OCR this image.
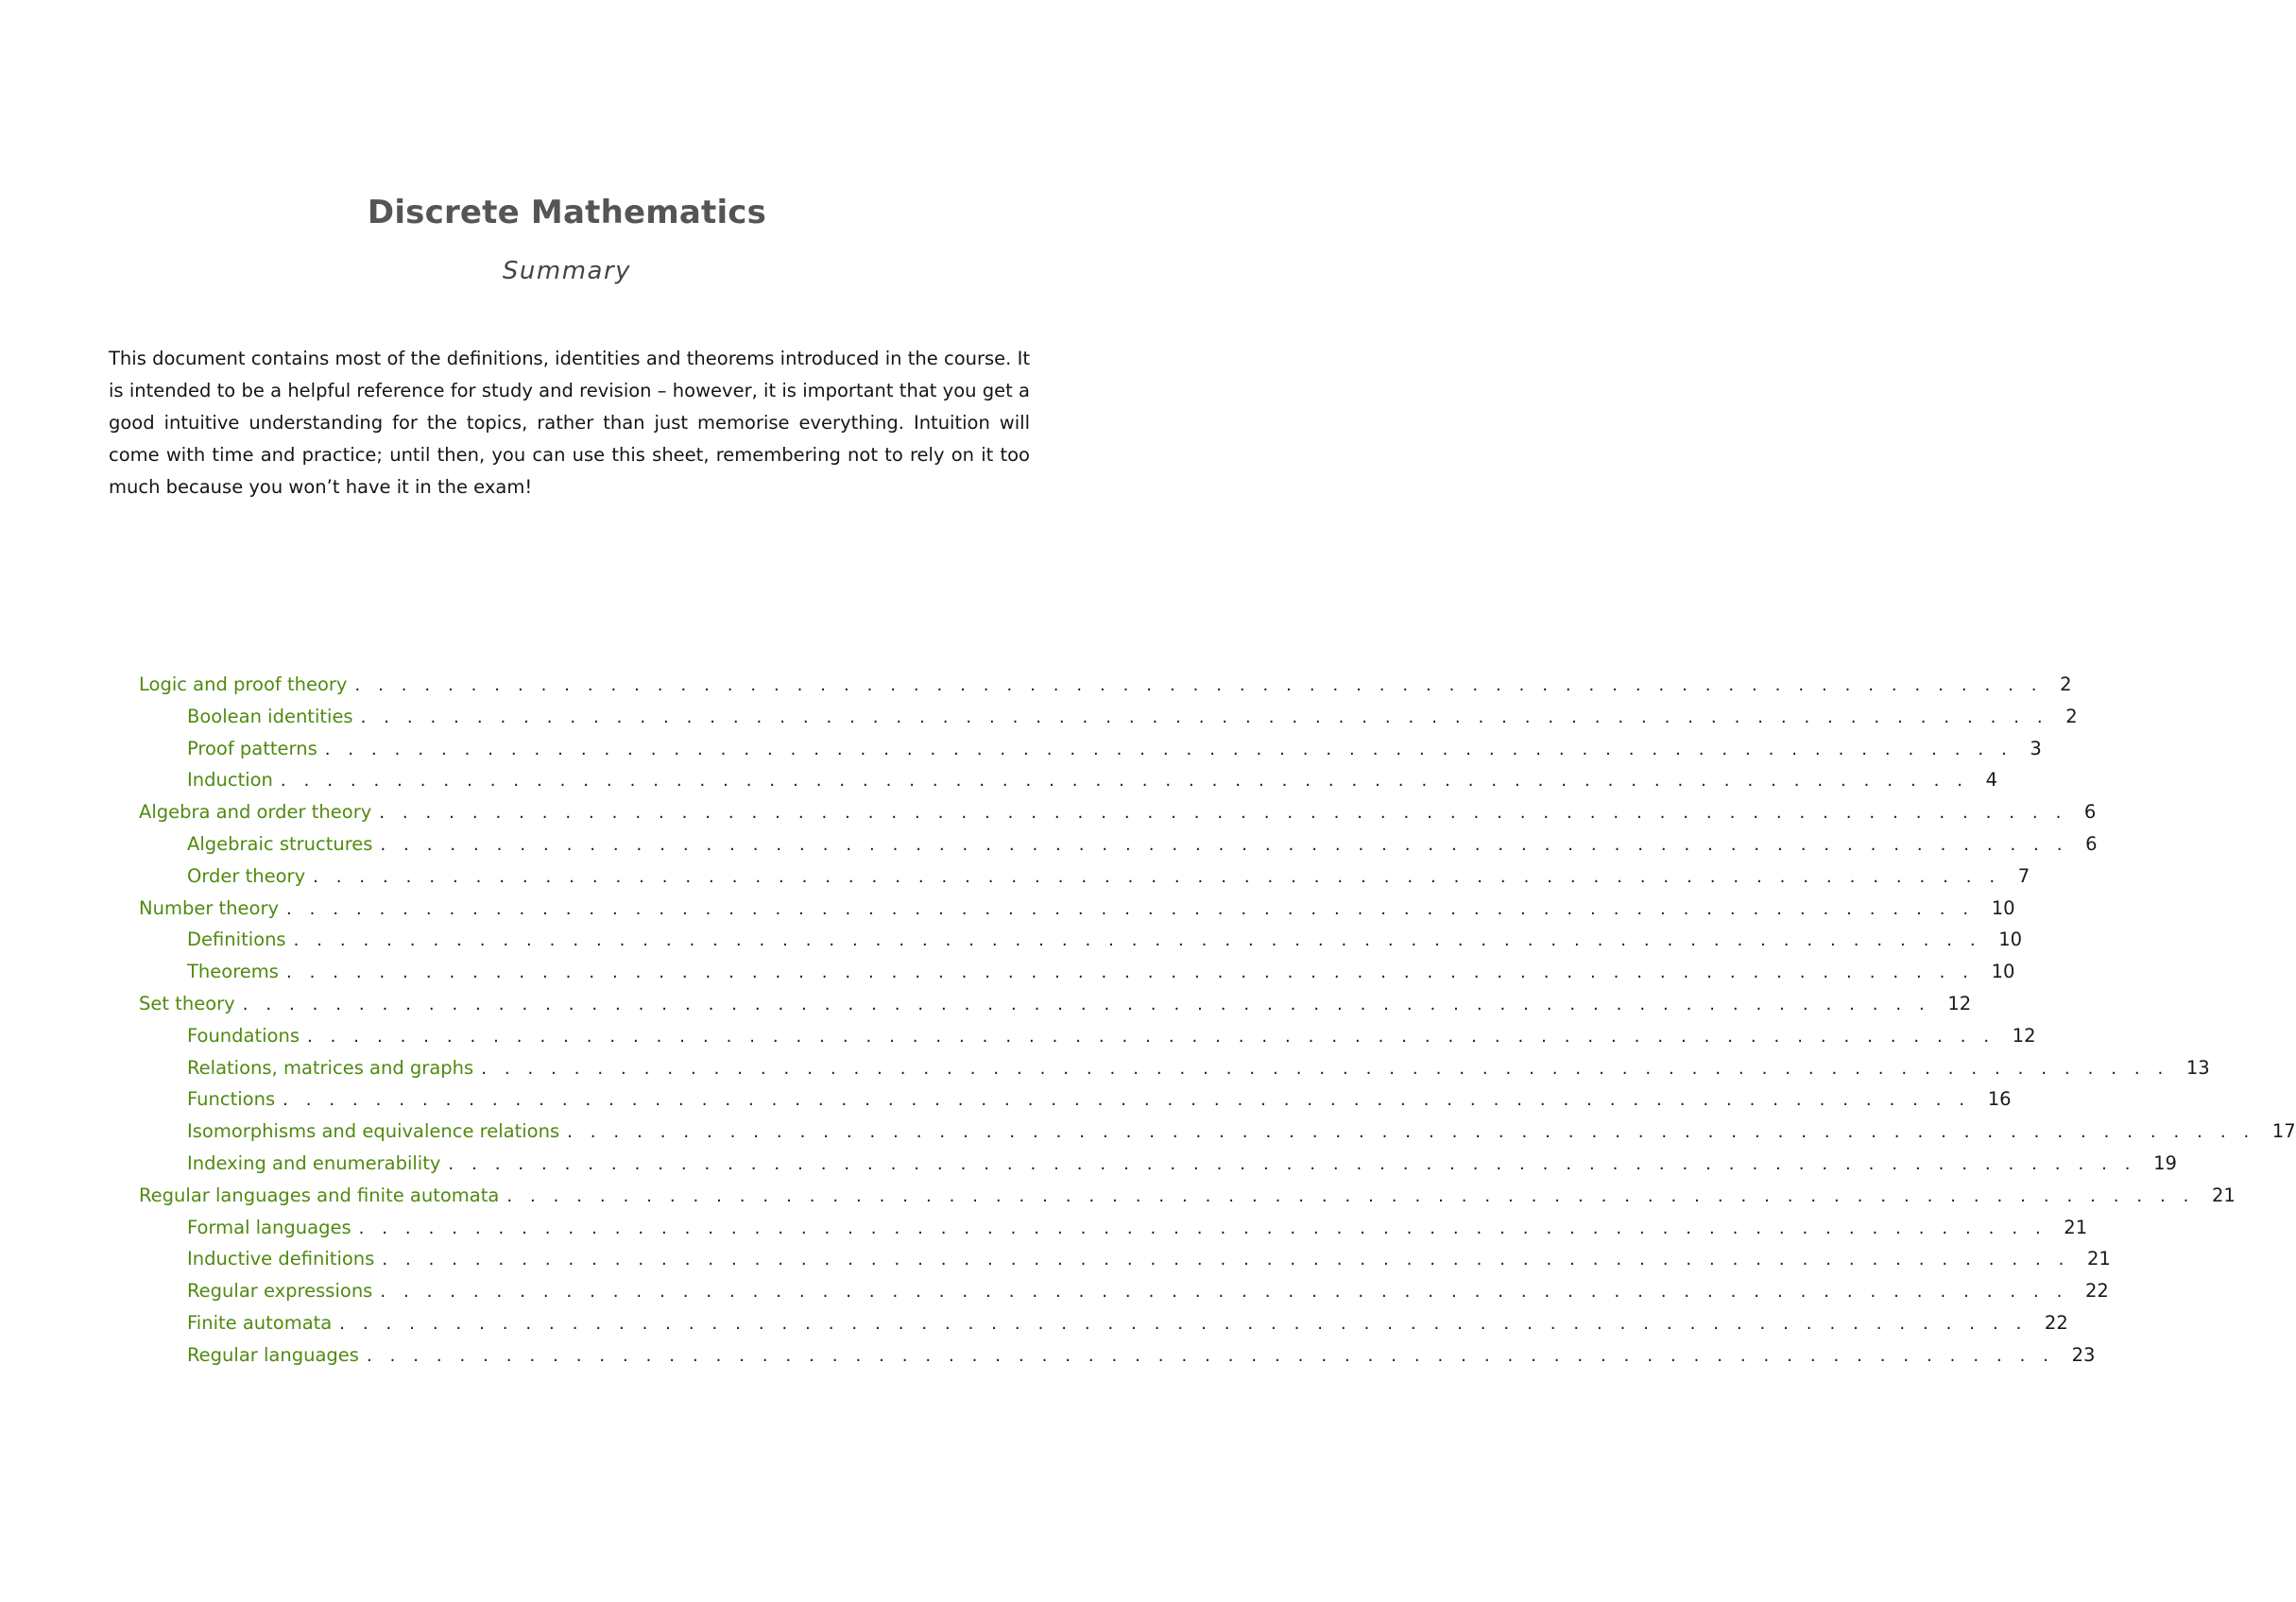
Discrete Mathematics
Summary
This document contains most of the definitions, identities and theorems introduced in the course. It is intended to be a helpful reference for study and revision – however, it is important that you get a good intuitive understanding for the topics, rather than just memorise everything. Intuition will come with time and practice; until then, you can use this sheet, remembering not to rely on it too much because you won’t have it in the exam!
Logic and proof theory . . . . . . . . . . . . . . . . . . . . . . . . . . . . . . . . . . . . . . . . . . . . . . . . . . . . . . . . . . . . . . . . . . . . . . . . . 2
Boolean identities . . . . . . . . . . . . . . . . . . . . . . . . . . . . . . . . . . . . . . . . . . . . . . . . . . . . . . . . . . . . . . . . . . . . . . . . . 2
Proof patterns . . . . . . . . . . . . . . . . . . . . . . . . . . . . . . . . . . . . . . . . . . . . . . . . . . . . . . . . . . . . . . . . . . . . . . . . . 3
Induction . . . . . . . . . . . . . . . . . . . . . . . . . . . . . . . . . . . . . . . . . . . . . . . . . . . . . . . . . . . . . . . . . . . . . . . . . 4
Algebra and order theory . . . . . . . . . . . . . . . . . . . . . . . . . . . . . . . . . . . . . . . . . . . . . . . . . . . . . . . . . . . . . . . . . . . . . . . . . 6
Algebraic structures . . . . . . . . . . . . . . . . . . . . . . . . . . . . . . . . . . . . . . . . . . . . . . . . . . . . . . . . . . . . . . . . . . . . . . . . . 6
Order theory . . . . . . . . . . . . . . . . . . . . . . . . . . . . . . . . . . . . . . . . . . . . . . . . . . . . . . . . . . . . . . . . . . . . . . . . . 7
Number theory . . . . . . . . . . . . . . . . . . . . . . . . . . . . . . . . . . . . . . . . . . . . . . . . . . . . . . . . . . . . . . . . . . . . . . . . . 10
Definitions . . . . . . . . . . . . . . . . . . . . . . . . . . . . . . . . . . . . . . . . . . . . . . . . . . . . . . . . . . . . . . . . . . . . . . . . . 10
Theorems . . . . . . . . . . . . . . . . . . . . . . . . . . . . . . . . . . . . . . . . . . . . . . . . . . . . . . . . . . . . . . . . . . . . . . . . . 10
Set theory . . . . . . . . . . . . . . . . . . . . . . . . . . . . . . . . . . . . . . . . . . . . . . . . . . . . . . . . . . . . . . . . . . . . . . . . . 12
Foundations . . . . . . . . . . . . . . . . . . . . . . . . . . . . . . . . . . . . . . . . . . . . . . . . . . . . . . . . . . . . . . . . . . . . . . . . . 12
Relations, matrices and graphs . . . . . . . . . . . . . . . . . . . . . . . . . . . . . . . . . . . . . . . . . . . . . . . . . . . . . . . . . . . . . . . . . . . . . . . . . 13
Functions . . . . . . . . . . . . . . . . . . . . . . . . . . . . . . . . . . . . . . . . . . . . . . . . . . . . . . . . . . . . . . . . . . . . . . . . . 16
Isomorphisms and equivalence relations . . . . . . . . . . . . . . . . . . . . . . . . . . . . . . . . . . . . . . . . . . . . . . . . . . . . . . . . . . . . . . . . . . . . . . . . . 17
Indexing and enumerability . . . . . . . . . . . . . . . . . . . . . . . . . . . . . . . . . . . . . . . . . . . . . . . . . . . . . . . . . . . . . . . . . . . . . . . . . 19
Regular languages and finite automata . . . . . . . . . . . . . . . . . . . . . . . . . . . . . . . . . . . . . . . . . . . . . . . . . . . . . . . . . . . . . . . . . . . . . . . . . 21
Formal languages . . . . . . . . . . . . . . . . . . . . . . . . . . . . . . . . . . . . . . . . . . . . . . . . . . . . . . . . . . . . . . . . . . . . . . . . . 21
Inductive definitions . . . . . . . . . . . . . . . . . . . . . . . . . . . . . . . . . . . . . . . . . . . . . . . . . . . . . . . . . . . . . . . . . . . . . . . . . 21
Regular expressions . . . . . . . . . . . . . . . . . . . . . . . . . . . . . . . . . . . . . . . . . . . . . . . . . . . . . . . . . . . . . . . . . . . . . . . . . 22
Finite automata . . . . . . . . . . . . . . . . . . . . . . . . . . . . . . . . . . . . . . . . . . . . . . . . . . . . . . . . . . . . . . . . . . . . . . . . . 22
Regular languages . . . . . . . . . . . . . . . . . . . . . . . . . . . . . . . . . . . . . . . . . . . . . . . . . . . . . . . . . . . . . . . . . . . . . . . . . 23
